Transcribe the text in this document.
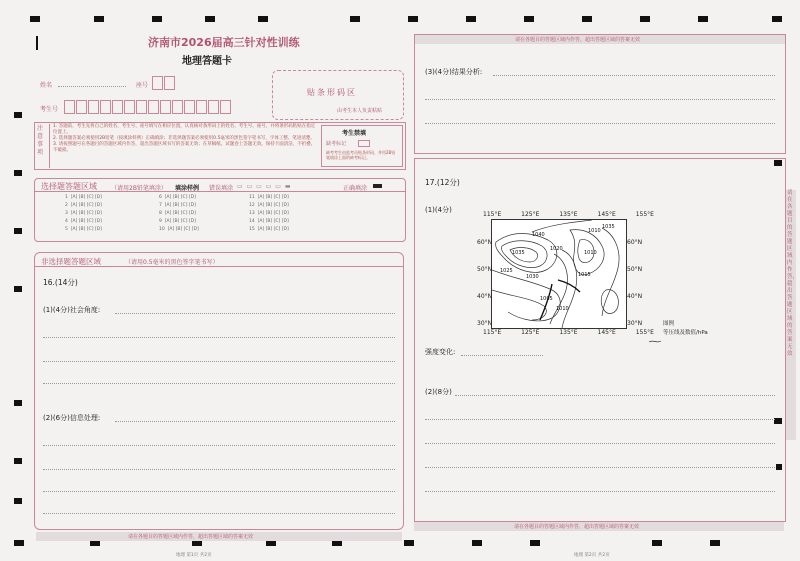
济南市2026届高三针对性训练
地理答题卡
姓名	座号
考生号
贴条形码区
由考生本人负责粘贴
注意事项
1. 答题前，考生先将自己的姓名、考生号、座号填写在相应位置，认真核对条形码上的姓名、考生号、座号，并将条形码粘贴在指定位置上。
2. 选择题答案必须使用2B铅笔（按填涂样例）正确填涂；非选择题答案必须使用0.5毫米的黑色签字笔书写，字体工整、笔迹清楚。
3. 请按照题号在各题目的答题区域内作答，超出答题区域书写的答案无效；在草稿纸、试题卷上答题无效。保持卡面清洁，不折叠、不破损。
考生禁填
缺考标记
缺考考生由监考员贴条形码，并用2B铅笔填涂上面的缺考标记。
选择题答题区域 （请用2B铅笔填涂） 填涂样例 错误填涂 ▭ ▭ ▭ ▭ ▭ ▬	正确填涂
1 [A] [B] [C] [D]
2 [A] [B] [C] [D]
3 [A] [B] [C] [D]
4 [A] [B] [C] [D]
5 [A] [B] [C] [D]
6 [A] [B] [C] [D]
7 [A] [B] [C] [D]
8 [A] [B] [C] [D]
9 [A] [B] [C] [D]
10 [A] [B] [C] [D]
11 [A] [B] [C] [D]
12 [A] [B] [C] [D]
13 [A] [B] [C] [D]
14 [A] [B] [C] [D]
15 [A] [B] [C] [D]
非选择题答题区域	（请用0.5毫米的黑色签字笔书写）
16.(14分)
(1)(4分)社会角度:
(2)(6分)信息处理:
请在各题目的答题区域内作答，超出答题区域的答案无效
请在各题目的答题区域内作答，超出答题区域的答案无效
(3)(4分)结果分析:
17.(12分)
(1)(4分)
115°E	125°E	135°E	145°E	155°E
1040
1035
1030
1025
1020
1015
1010
1005
1010
1010
1035
60°N
50°N
40°N
30°N
60°N
50°N
40°N
30°N
115°E	125°E	135°E	145°E	155°E
图例
等压线及数值/hPa
强度变化:
(2)(8分)
请在各题目的答题区域内作答，超出答题区域的答案无效
请在各题目的答题区域内作答，超出答题区域的答案无效
地理 第1页 共2页	地理 第2页 共2页
